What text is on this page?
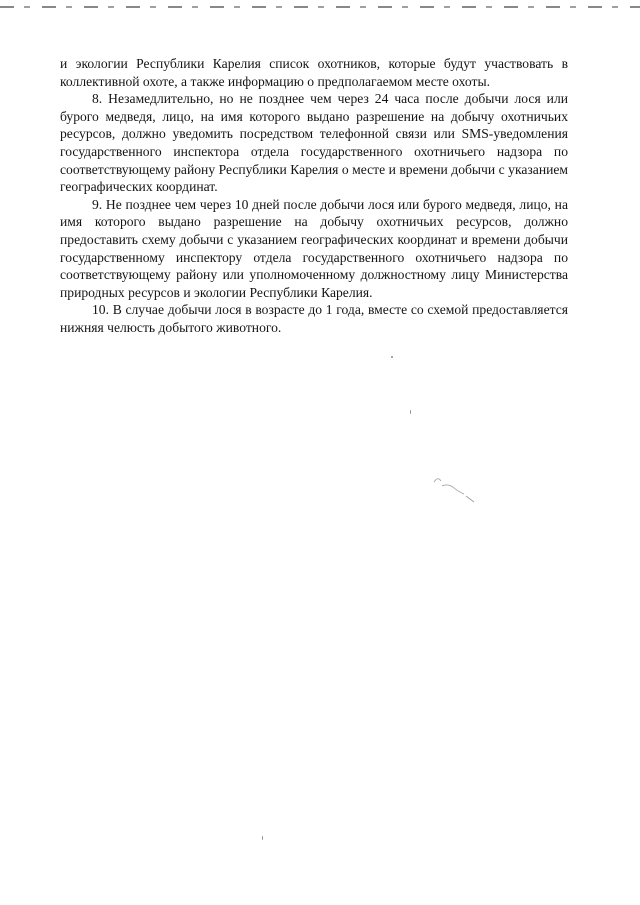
и экологии Республики Карелия список охотников, которые будут участвовать в коллективной охоте, а также информацию о предполагаемом месте охоты.

8. Незамедлительно, но не позднее чем через 24 часа после добычи лося или бурого медведя, лицо, на имя которого выдано разрешение на добычу охотничьих ресурсов, должно уведомить посредством телефонной связи или SMS-уведомления государственного инспектора отдела государственного охотничьего надзора по соответствующему району Республики Карелия о месте и времени добычи с указанием географических координат.

9. Не позднее чем через 10 дней после добычи лося или бурого медведя, лицо, на имя которого выдано разрешение на добычу охотничьих ресурсов, должно предоставить схему добычи с указанием географических координат и времени добычи государственному инспектору отдела государственного охотничьего надзора по соответствующему району или уполномоченному должностному лицу Министерства природных ресурсов и экологии Республики Карелия.

10. В случае добычи лося в возрасте до 1 года, вместе со схемой предоставляется нижняя челюсть добытого животного.
